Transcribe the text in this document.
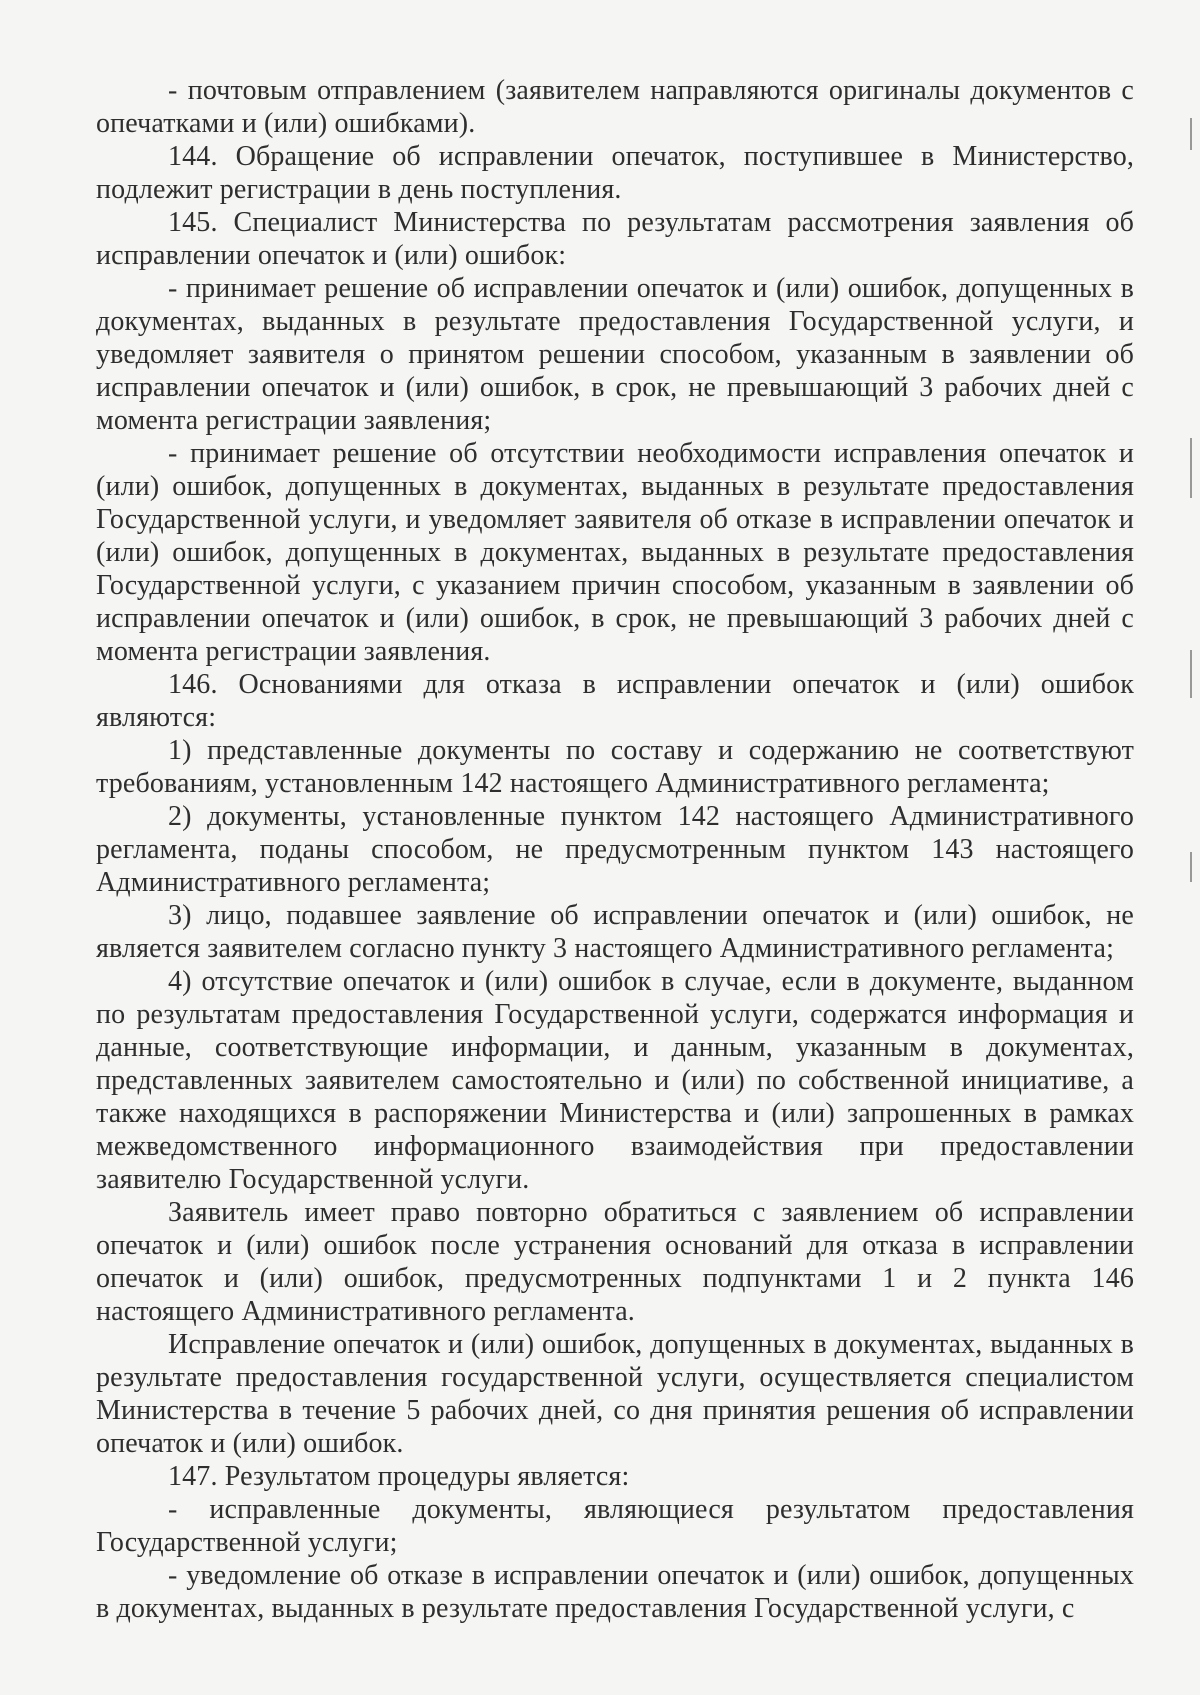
- почтовым отправлением (заявителем направляются оригиналы документов с опечатками и (или) ошибками).

144. Обращение об исправлении опечаток, поступившее в Министерство, подлежит регистрации в день поступления.

145. Специалист Министерства по результатам рассмотрения заявления об исправлении опечаток и (или) ошибок:

- принимает решение об исправлении опечаток и (или) ошибок, допущенных в документах, выданных в результате предоставления Государственной услуги, и уведомляет заявителя о принятом решении способом, указанным в заявлении об исправлении опечаток и (или) ошибок, в срок, не превышающий 3 рабочих дней с момента регистрации заявления;

- принимает решение об отсутствии необходимости исправления опечаток и (или) ошибок, допущенных в документах, выданных в результате предоставления Государственной услуги, и уведомляет заявителя об отказе в исправлении опечаток и (или) ошибок, допущенных в документах, выданных в результате предоставления Государственной услуги, с указанием причин способом, указанным в заявлении об исправлении опечаток и (или) ошибок, в срок, не превышающий 3 рабочих дней с момента регистрации заявления.

146. Основаниями для отказа в исправлении опечаток и (или) ошибок являются:

1) представленные документы по составу и содержанию не соответствуют требованиям, установленным 142 настоящего Административного регламента;

2) документы, установленные пунктом 142 настоящего Административного регламента, поданы способом, не предусмотренным пунктом 143 настоящего Административного регламента;

3) лицо, подавшее заявление об исправлении опечаток и (или) ошибок, не является заявителем согласно пункту 3 настоящего Административного регламента;

4) отсутствие опечаток и (или) ошибок в случае, если в документе, выданном по результатам предоставления Государственной услуги, содержатся информация и данные, соответствующие информации, и данным, указанным в документах, представленных заявителем самостоятельно и (или) по собственной инициативе, а также находящихся в распоряжении Министерства и (или) запрошенных в рамках межведомственного информационного взаимодействия при предоставлении заявителю Государственной услуги.

Заявитель имеет право повторно обратиться с заявлением об исправлении опечаток и (или) ошибок после устранения оснований для отказа в исправлении опечаток и (или) ошибок, предусмотренных подпунктами 1 и 2 пункта 146 настоящего Административного регламента.

Исправление опечаток и (или) ошибок, допущенных в документах, выданных в результате предоставления государственной услуги, осуществляется специалистом Министерства в течение 5 рабочих дней, со дня принятия решения об исправлении опечаток и (или) ошибок.

147. Результатом процедуры является:

- исправленные документы, являющиеся результатом предоставления Государственной услуги;

- уведомление об отказе в исправлении опечаток и (или) ошибок, допущенных в документах, выданных в результате предоставления Государственной услуги, с
